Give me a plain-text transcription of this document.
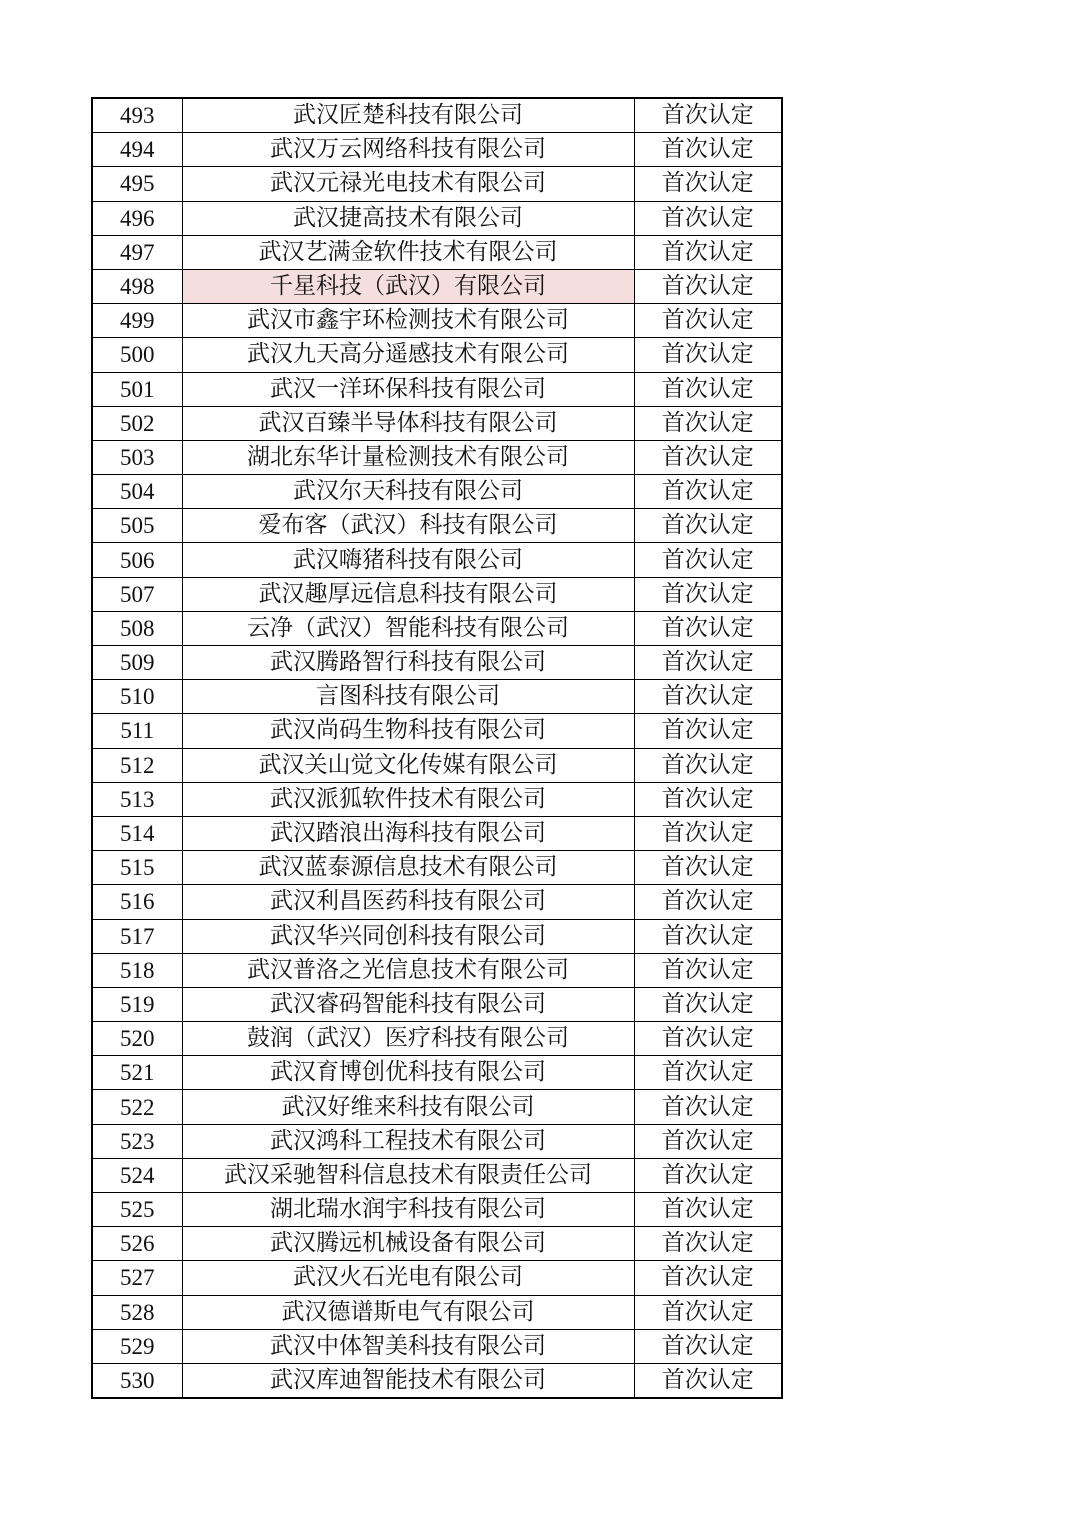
493	武汉匠楚科技有限公司	首次认定
494	武汉万云网络科技有限公司	首次认定
495	武汉元禄光电技术有限公司	首次认定
496	武汉捷高技术有限公司	首次认定
497	武汉艺满金软件技术有限公司	首次认定
498	千星科技（武汉）有限公司	首次认定
499	武汉市鑫宇环检测技术有限公司	首次认定
500	武汉九天高分遥感技术有限公司	首次认定
501	武汉一洋环保科技有限公司	首次认定
502	武汉百臻半导体科技有限公司	首次认定
503	湖北东华计量检测技术有限公司	首次认定
504	武汉尔天科技有限公司	首次认定
505	爱布客（武汉）科技有限公司	首次认定
506	武汉嗨猪科技有限公司	首次认定
507	武汉趣厚远信息科技有限公司	首次认定
508	云净（武汉）智能科技有限公司	首次认定
509	武汉腾路智行科技有限公司	首次认定
510	言图科技有限公司	首次认定
511	武汉尚码生物科技有限公司	首次认定
512	武汉关山觉文化传媒有限公司	首次认定
513	武汉派狐软件技术有限公司	首次认定
514	武汉踏浪出海科技有限公司	首次认定
515	武汉蓝泰源信息技术有限公司	首次认定
516	武汉利昌医药科技有限公司	首次认定
517	武汉华兴同创科技有限公司	首次认定
518	武汉普洛之光信息技术有限公司	首次认定
519	武汉睿码智能科技有限公司	首次认定
520	鼓润（武汉）医疗科技有限公司	首次认定
521	武汉育博创优科技有限公司	首次认定
522	武汉好维来科技有限公司	首次认定
523	武汉鸿科工程技术有限公司	首次认定
524	武汉采驰智科信息技术有限责任公司	首次认定
525	湖北瑞水润宇科技有限公司	首次认定
526	武汉腾远机械设备有限公司	首次认定
527	武汉火石光电有限公司	首次认定
528	武汉德谱斯电气有限公司	首次认定
529	武汉中体智美科技有限公司	首次认定
530	武汉库迪智能技术有限公司	首次认定
